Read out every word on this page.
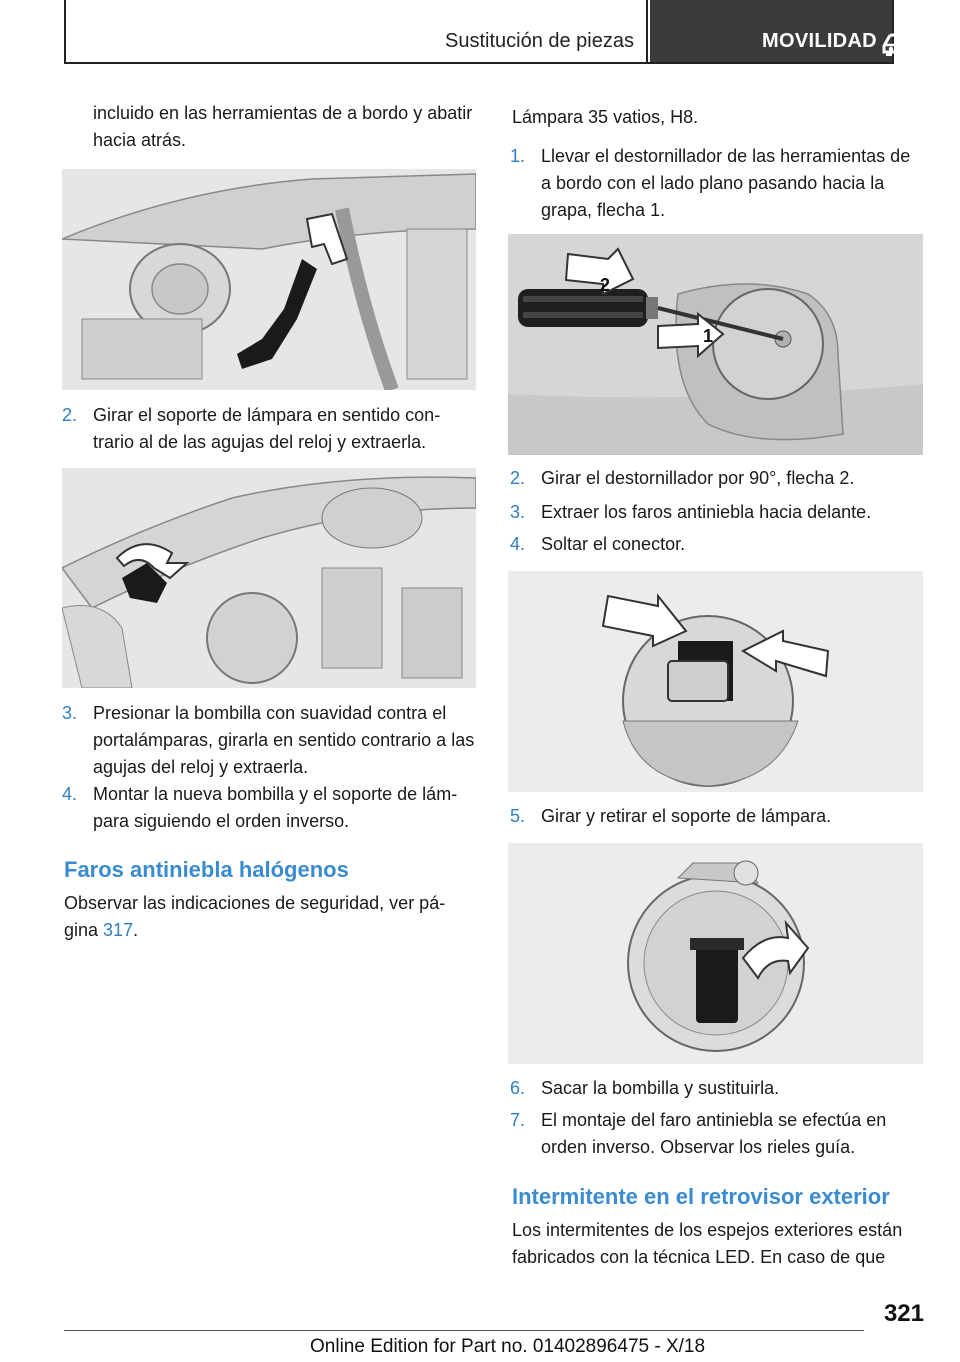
Sustitución de piezas	MOVILIDAD

incluido en las herramientas de a bordo y abatir hacia atrás.

2. Girar el soporte de lámpara en sentido con‐trario al de las agujas del reloj y extraerla.
3. Presionar la bombilla con suavidad contra el portalámparas, girarla en sentido contrario a las agujas del reloj y extraerla.
4. Montar la nueva bombilla y el soporte de lám‐para siguiendo el orden inverso.
Faros antiniebla halógenos

Observar las indicaciones de seguridad, ver pá‐gina 317.

Lámpara 35 vatios, H8.

1. Llevar el destornillador de las herramientas de a bordo con el lado plano pasando hacia la grapa, flecha 1.
2
1
2. Girar el destornillador por 90°, flecha 2.
3. Extraer los faros antiniebla hacia delante.
4. Soltar el conector.
5. Girar y retirar el soporte de lámpara.
6. Sacar la bombilla y sustituirla.
7. El montaje del faro antiniebla se efectúa en orden inverso. Observar los rieles guía.
Intermitente en el retrovisor exterior

Los intermitentes de los espejos exteriores están fabricados con la técnica LED. En caso de que

321
Online Edition for Part no. 01402896475 - X/18
